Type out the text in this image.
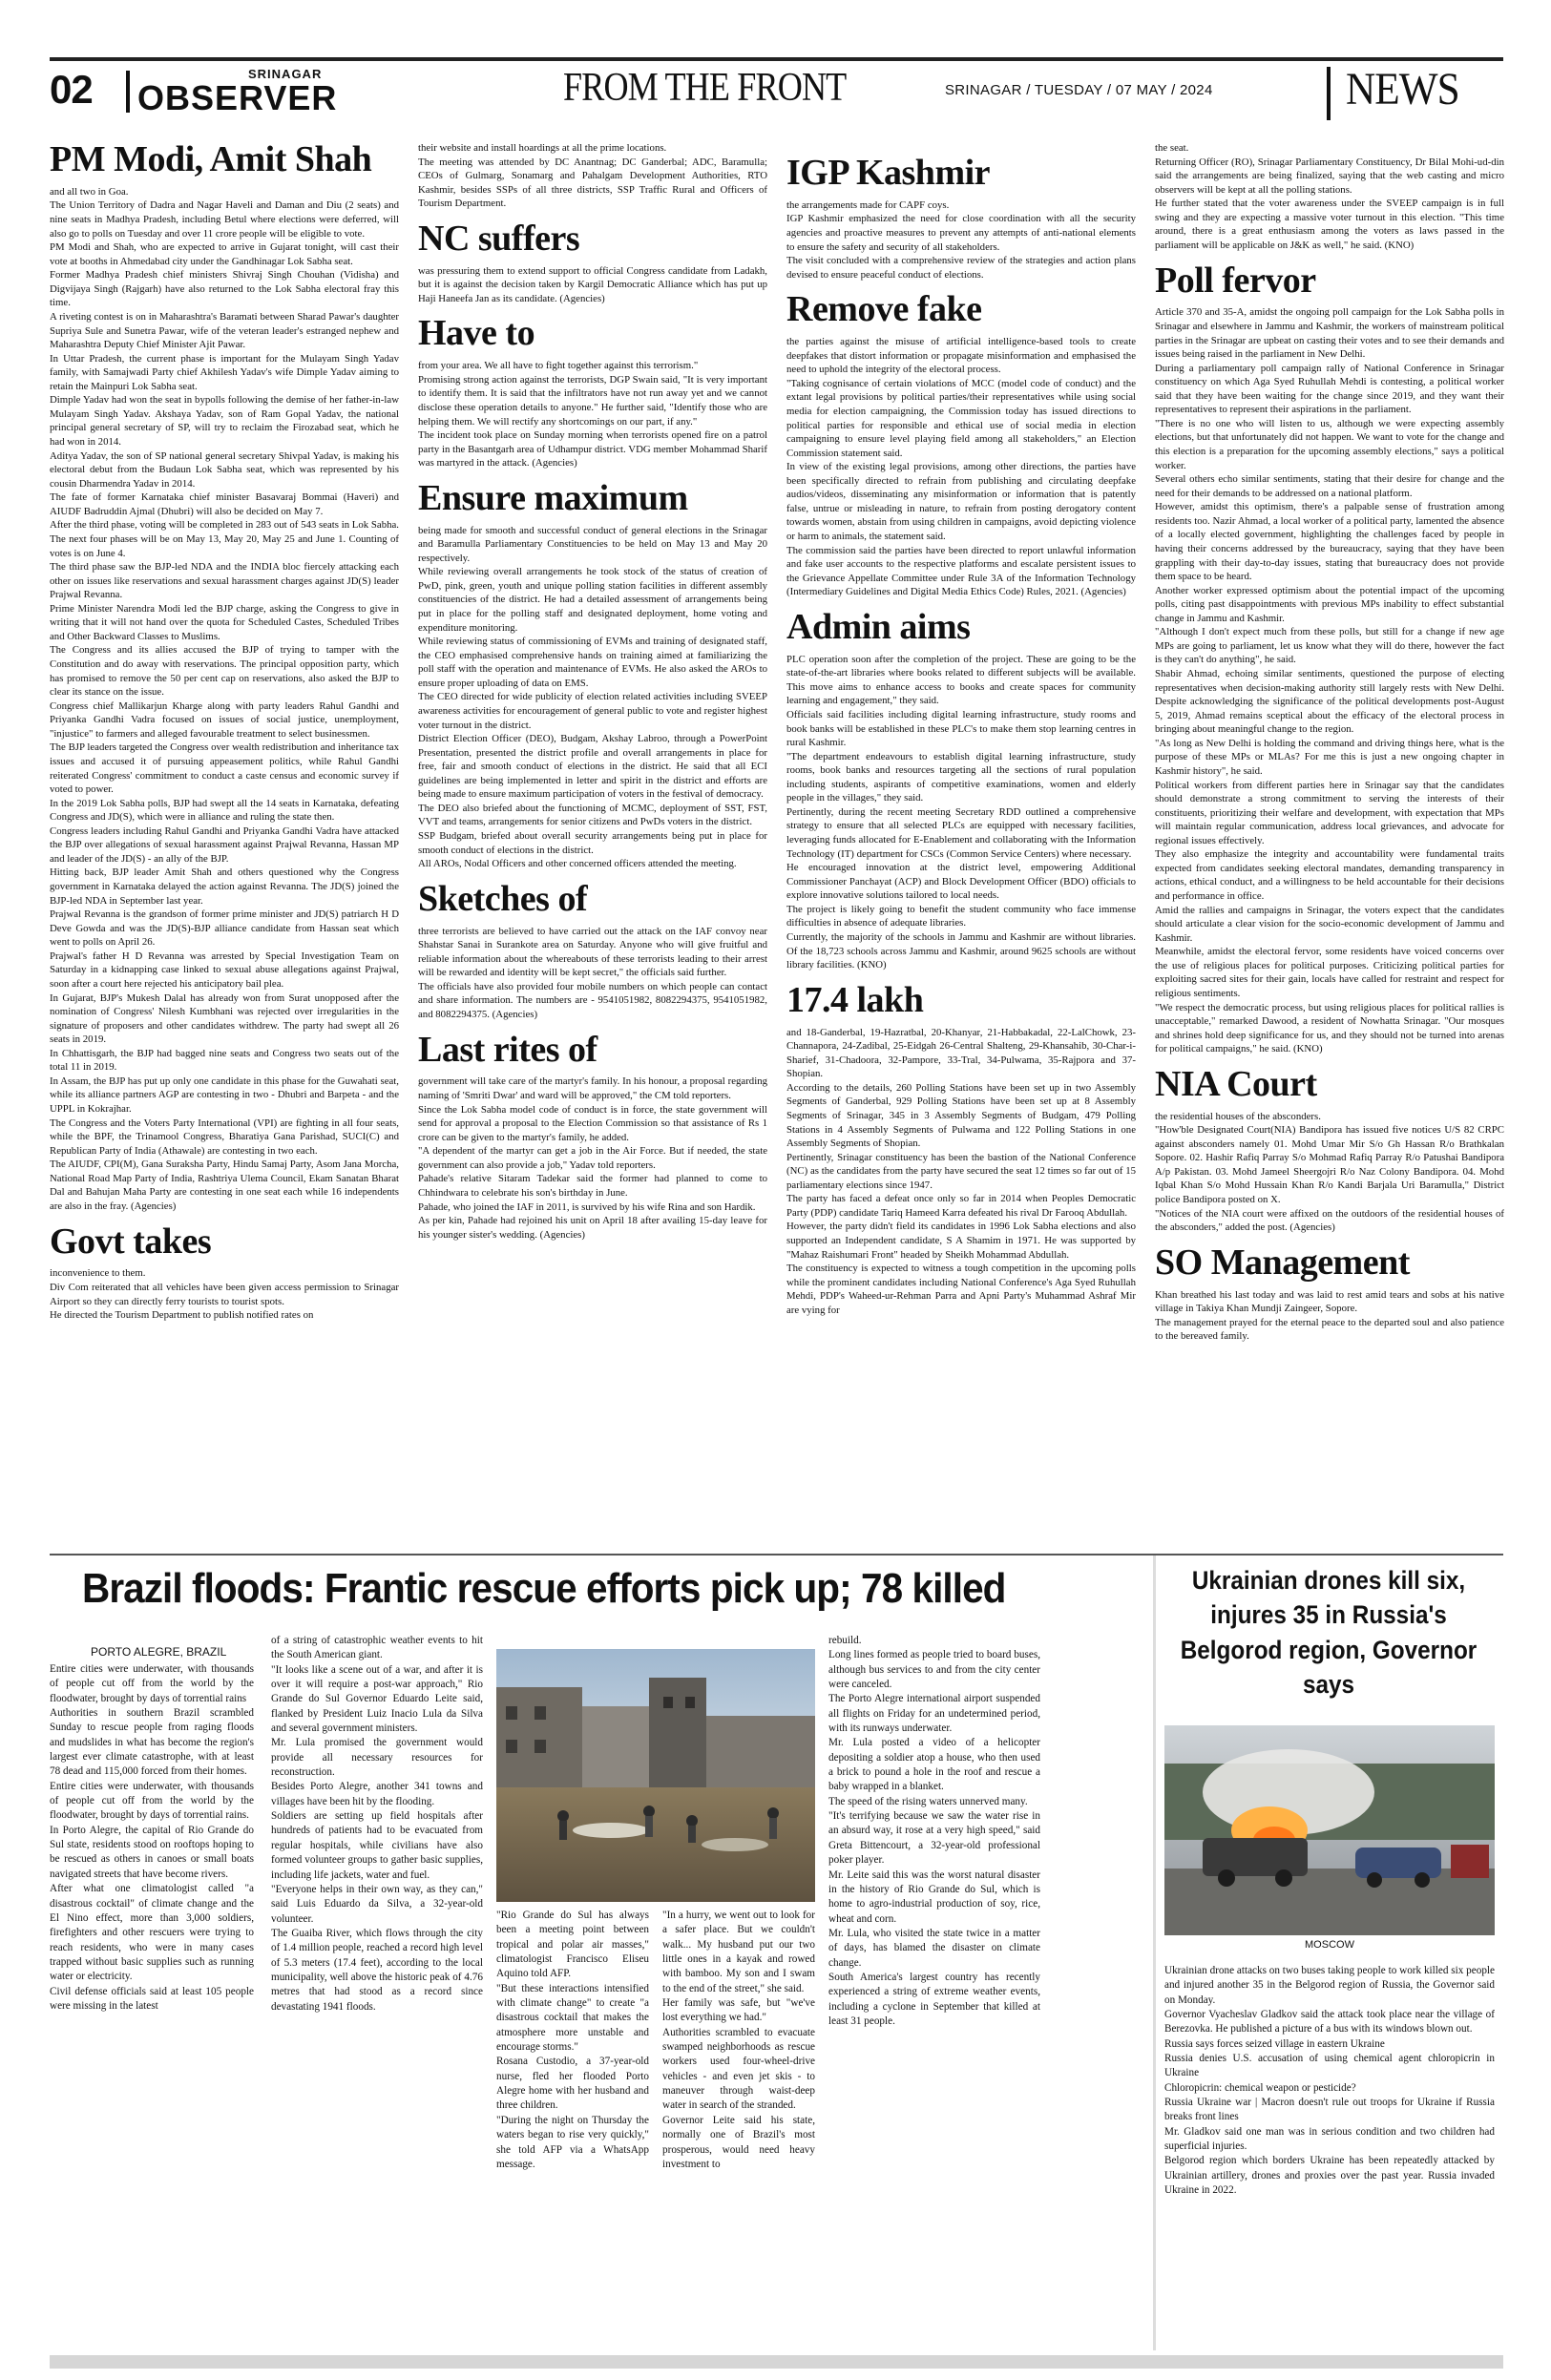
02	SRINAGAR
OBSERVER	FROM THE FRONT	SRINAGAR / TUESDAY / 07 MAY / 2024	NEWS
PM Modi, Amit Shah
and all two in Goa.
The Union Territory of Dadra and Nagar Haveli and Daman and Diu (2 seats) and nine seats in Madhya Pradesh, including Betul where elections were deferred, will also go to polls on Tuesday and over 11 crore people will be eligible to vote.
PM Modi and Shah, who are expected to arrive in Gujarat tonight, will cast their vote at booths in Ahmedabad city under the Gandhinagar Lok Sabha seat.
Former Madhya Pradesh chief ministers Shivraj Singh Chouhan (Vidisha) and Digvijaya Singh (Rajgarh) have also returned to the Lok Sabha electoral fray this time.
A riveting contest is on in Maharashtra's Baramati between Sharad Pawar's daughter Supriya Sule and Sunetra Pawar, wife of the veteran leader's estranged nephew and Maharashtra Deputy Chief Minister Ajit Pawar.
In Uttar Pradesh, the current phase is important for the Mulayam Singh Yadav family, with Samajwadi Party chief Akhilesh Yadav's wife Dimple Yadav aiming to retain the Mainpuri Lok Sabha seat.
Dimple Yadav had won the seat in bypolls following the demise of her father-in-law Mulayam Singh Yadav. Akshaya Yadav, son of Ram Gopal Yadav, the national principal general secretary of SP, will try to reclaim the Firozabad seat, which he had won in 2014.
Aditya Yadav, the son of SP national general secretary Shivpal Yadav, is making his electoral debut from the Budaun Lok Sabha seat, which was represented by his cousin Dharmendra Yadav in 2014.
The fate of former Karnataka chief minister Basavaraj Bommai (Haveri) and AIUDF Badruddin Ajmal (Dhubri) will also be decided on May 7.
After the third phase, voting will be completed in 283 out of 543 seats in Lok Sabha. The next four phases will be on May 13, May 20, May 25 and June 1. Counting of votes is on June 4.
The third phase saw the BJP-led NDA and the INDIA bloc fiercely attacking each other on issues like reservations and sexual harassment charges against JD(S) leader Prajwal Revanna.
Prime Minister Narendra Modi led the BJP charge, asking the Congress to give in writing that it will not hand over the quota for Scheduled Castes, Scheduled Tribes and Other Backward Classes to Muslims.
The Congress and its allies accused the BJP of trying to tamper with the Constitution and do away with reservations. The principal opposition party, which has promised to remove the 50 per cent cap on reservations, also asked the BJP to clear its stance on the issue.
Congress chief Mallikarjun Kharge along with party leaders Rahul Gandhi and Priyanka Gandhi Vadra focused on issues of social justice, unemployment, "injustice" to farmers and alleged favourable treatment to select businessmen.
The BJP leaders targeted the Congress over wealth redistribution and inheritance tax issues and accused it of pursuing appeasement politics, while Rahul Gandhi reiterated Congress' commitment to conduct a caste census and economic survey if voted to power.
In the 2019 Lok Sabha polls, BJP had swept all the 14 seats in Karnataka, defeating Congress and JD(S), which were in alliance and ruling the state then.
Congress leaders including Rahul Gandhi and Priyanka Gandhi Vadra have attacked the BJP over allegations of sexual harassment against Prajwal Revanna, Hassan MP and leader of the JD(S) - an ally of the BJP.
Hitting back, BJP leader Amit Shah and others questioned why the Congress government in Karnataka delayed the action against Revanna. The JD(S) joined the BJP-led NDA in September last year.
Prajwal Revanna is the grandson of former prime minister and JD(S) patriarch H D Deve Gowda and was the JD(S)-BJP alliance candidate from Hassan seat which went to polls on April 26.
Prajwal's father H D Revanna was arrested by Special Investigation Team on Saturday in a kidnapping case linked to sexual abuse allegations against Prajwal, soon after a court here rejected his anticipatory bail plea.
In Gujarat, BJP's Mukesh Dalal has already won from Surat unopposed after the nomination of Congress' Nilesh Kumbhani was rejected over irregularities in the signature of proposers and other candidates withdrew. The party had swept all 26 seats in 2019.
In Chhattisgarh, the BJP had bagged nine seats and Congress two seats out of the total 11 in 2019.
In Assam, the BJP has put up only one candidate in this phase for the Guwahati seat, while its alliance partners AGP are contesting in two - Dhubri and Barpeta - and the UPPL in Kokrajhar.
The Congress and the Voters Party International (VPI) are fighting in all four seats, while the BPF, the Trinamool Congress, Bharatiya Gana Parishad, SUCI(C) and Republican Party of India (Athawale) are contesting in two each.
The AIUDF, CPI(M), Gana Suraksha Party, Hindu Samaj Party, Asom Jana Morcha, National Road Map Party of India, Rashtriya Ulema Council, Ekam Sanatan Bharat Dal and Bahujan Maha Party are contesting in one seat each while 16 independents are also in the fray. (Agencies)
Govt takes
inconvenience to them.
Div Com reiterated that all vehicles have been given access permission to Srinagar Airport so they can directly ferry tourists to tourist spots.
He directed the Tourism Department to publish notified rates on
their website and install hoardings at all the prime locations.
The meeting was attended by DC Anantnag; DC Ganderbal; ADC, Baramulla; CEOs of Gulmarg, Sonamarg and Pahalgam Development Authorities, RTO Kashmir, besides SSPs of all three districts, SSP Traffic Rural and Officers of Tourism Department.
NC suffers
was pressuring them to extend support to official Congress candidate from Ladakh, but it is against the decision taken by Kargil Democratic Alliance which has put up Haji Haneefa Jan as its candidate. (Agencies)
Have to
from your area. We all have to fight together against this terrorism."
Promising strong action against the terrorists, DGP Swain said, "It is very important to identify them. It is said that the infiltrators have not run away yet and we cannot disclose these operation details to anyone." He further said, "Identify those who are helping them. We will rectify any shortcomings on our part, if any."
The incident took place on Sunday morning when terrorists opened fire on a patrol party in the Basantgarh area of Udhampur district. VDG member Mohammad Sharif was martyred in the attack. (Agencies)
Ensure maximum
being made for smooth and successful conduct of general elections in the Srinagar and Baramulla Parliamentary Constituencies to be held on May 13 and May 20 respectively.
While reviewing overall arrangements he took stock of the status of creation of PwD, pink, green, youth and unique polling station facilities in different assembly constituencies of the district. He had a detailed assessment of arrangements being put in place for the polling staff and designated deployment, home voting and expenditure monitoring.
While reviewing status of commissioning of EVMs and training of designated staff, the CEO emphasised comprehensive hands on training aimed at familiarizing the poll staff with the operation and maintenance of EVMs. He also asked the AROs to ensure proper uploading of data on EMS.
The CEO directed for wide publicity of election related activities including SVEEP awareness activities for encouragement of general public to vote and register highest voter turnout in the district.
District Election Officer (DEO), Budgam, Akshay Labroo, through a PowerPoint Presentation, presented the district profile and overall arrangements in place for free, fair and smooth conduct of elections in the district. He said that all ECI guidelines are being implemented in letter and spirit in the district and efforts are being made to ensure maximum participation of voters in the festival of democracy.
The DEO also briefed about the functioning of MCMC, deployment of SST, FST, VVT and teams, arrangements for senior citizens and PwDs voters in the district.
SSP Budgam, briefed about overall security arrangements being put in place for smooth conduct of elections in the district.
All AROs, Nodal Officers and other concerned officers attended the meeting.
Sketches of
three terrorists are believed to have carried out the attack on the IAF convoy near Shahstar Sanai in Surankote area on Saturday. Anyone who will give fruitful and reliable information about the whereabouts of these terrorists leading to their arrest will be rewarded and identity will be kept secret," the officials said further.
The officials have also provided four mobile numbers on which people can contact and share information. The numbers are - 9541051982, 8082294375, 9541051982, and 8082294375. (Agencies)
Last rites of
government will take care of the martyr's family. In his honour, a proposal regarding naming of 'Smriti Dwar' and ward will be approved," the CM told reporters.
Since the Lok Sabha model code of conduct is in force, the state government will send for approval a proposal to the Election Commission so that assistance of Rs 1 crore can be given to the martyr's family, he added.
"A dependent of the martyr can get a job in the Air Force. But if needed, the state government can also provide a job," Yadav told reporters.
Pahade's relative Sitaram Tadekar said the former had planned to come to Chhindwara to celebrate his son's birthday in June.
Pahade, who joined the IAF in 2011, is survived by his wife Rina and son Hardik.
As per kin, Pahade had rejoined his unit on April 18 after availing 15-day leave for his younger sister's wedding. (Agencies)
IGP Kashmir
the arrangements made for CAPF coys.
IGP Kashmir emphasized the need for close coordination with all the security agencies and proactive measures to prevent any attempts of anti-national elements to ensure the safety and security of all stakeholders.
The visit concluded with a comprehensive review of the strategies and action plans devised to ensure peaceful conduct of elections.
Remove fake
the parties against the misuse of artificial intelligence-based tools to create deepfakes that distort information or propagate misinformation and emphasised the need to uphold the integrity of the electoral process.
"Taking cognisance of certain violations of MCC (model code of conduct) and the extant legal provisions by political parties/their representatives while using social media for election campaigning, the Commission today has issued directions to political parties for responsible and ethical use of social media in election campaigning to ensure level playing field among all stakeholders," an Election Commission statement said.
In view of the existing legal provisions, among other directions, the parties have been specifically directed to refrain from publishing and circulating deepfake audios/videos, disseminating any misinformation or information that is patently false, untrue or misleading in nature, to refrain from posting derogatory content towards women, abstain from using children in campaigns, avoid depicting violence or harm to animals, the statement said.
The commission said the parties have been directed to report unlawful information and fake user accounts to the respective platforms and escalate persistent issues to the Grievance Appellate Committee under Rule 3A of the Information Technology (Intermediary Guidelines and Digital Media Ethics Code) Rules, 2021. (Agencies)
Admin aims
PLC operation soon after the completion of the project. These are going to be the state-of-the-art libraries where books related to different subjects will be available. This move aims to enhance access to books and create spaces for community learning and engagement," they said.
Officials said facilities including digital learning infrastructure, study rooms and book banks will be established in these PLC's to make them stop learning centres in rural Kashmir.
"The department endeavours to establish digital learning infrastructure, study rooms, book banks and resources targeting all the sections of rural population including students, aspirants of competitive examinations, women and elderly people in the villages," they said.
Pertinently, during the recent meeting Secretary RDD outlined a comprehensive strategy to ensure that all selected PLCs are equipped with necessary facilities, leveraging funds allocated for E-Enablement and collaborating with the Information Technology (IT) department for CSCs (Common Service Centers) where necessary.
He encouraged innovation at the district level, empowering Additional Commissioner Panchayat (ACP) and Block Development Officer (BDO) officials to explore innovative solutions tailored to local needs.
The project is likely going to benefit the student community who face immense difficulties in absence of adequate libraries.
Currently, the majority of the schools in Jammu and Kashmir are without libraries. Of the 18,723 schools across Jammu and Kashmir, around 9625 schools are without library facilities. (KNO)
17.4 lakh
and 18-Ganderbal, 19-Hazratbal, 20-Khanyar, 21-Habbakadal, 22-LalChowk, 23-Channapora, 24-Zadibal, 25-Eidgah 26-Central Shalteng, 29-Khansahib, 30-Char-i-Sharief, 31-Chadoora, 32-Pampore, 33-Tral, 34-Pulwama, 35-Rajpora and 37-Shopian.
According to the details, 260 Polling Stations have been set up in two Assembly Segments of Ganderbal, 929 Polling Stations have been set up at 8 Assembly Segments of Srinagar, 345 in 3 Assembly Segments of Budgam, 479 Polling Stations in 4 Assembly Segments of Pulwama and 122 Polling Stations in one Assembly Segments of Shopian.
Pertinently, Srinagar constituency has been the bastion of the National Conference (NC) as the candidates from the party have secured the seat 12 times so far out of 15 parliamentary elections since 1947.
The party has faced a defeat once only so far in 2014 when Peoples Democratic Party (PDP) candidate Tariq Hameed Karra defeated his rival Dr Farooq Abdullah.
However, the party didn't field its candidates in 1996 Lok Sabha elections and also supported an Independent candidate, S A Shamim in 1971. He was supported by "Mahaz Raishumari Front" headed by Sheikh Mohammad Abdullah.
The constituency is expected to witness a tough competition in the upcoming polls while the prominent candidates including National Conference's Aga Syed Ruhullah Mehdi, PDP's Waheed-ur-Rehman Parra and Apni Party's Muhammad Ashraf Mir are vying for
the seat.
Returning Officer (RO), Srinagar Parliamentary Constituency, Dr Bilal Mohi-ud-din said the arrangements are being finalized, saying that the web casting and micro observers will be kept at all the polling stations.
He further stated that the voter awareness under the SVEEP campaign is in full swing and they are expecting a massive voter turnout in this election. "This time around, there is a great enthusiasm among the voters as laws passed in the parliament will be applicable on J&K as well," he said. (KNO)
Poll fervor
Article 370 and 35-A, amidst the ongoing poll campaign for the Lok Sabha polls in Srinagar and elsewhere in Jammu and Kashmir, the workers of mainstream political parties in the Srinagar are upbeat on casting their votes and to see their demands and issues being raised in the parliament in New Delhi.
During a parliamentary poll campaign rally of National Conference in Srinagar constituency on which Aga Syed Ruhullah Mehdi is contesting, a political worker said that they have been waiting for the change since 2019, and they want their representatives to represent their aspirations in the parliament.
"There is no one who will listen to us, although we were expecting assembly elections, but that unfortunately did not happen. We want to vote for the change and this election is a preparation for the upcoming assembly elections," says a political worker.
Several others echo similar sentiments, stating that their desire for change and the need for their demands to be addressed on a national platform.
However, amidst this optimism, there's a palpable sense of frustration among residents too. Nazir Ahmad, a local worker of a political party, lamented the absence of a locally elected government, highlighting the challenges faced by people in having their concerns addressed by the bureaucracy, saying that they have been grappling with their day-to-day issues, stating that bureaucracy does not provide them space to be heard.
Another worker expressed optimism about the potential impact of the upcoming polls, citing past disappointments with previous MPs inability to effect substantial change in Jammu and Kashmir.
"Although I don't expect much from these polls, but still for a change if new age MPs are going to parliament, let us know what they will do there, however the fact is they can't do anything", he said.
Shabir Ahmad, echoing similar sentiments, questioned the purpose of electing representatives when decision-making authority still largely rests with New Delhi. Despite acknowledging the significance of the political developments post-August 5, 2019, Ahmad remains sceptical about the efficacy of the electoral process in bringing about meaningful change to the region.
"As long as New Delhi is holding the command and driving things here, what is the purpose of these MPs or MLAs? For me this is just a new ongoing chapter in Kashmir history", he said.
Political workers from different parties here in Srinagar say that the candidates should demonstrate a strong commitment to serving the interests of their constituents, prioritizing their welfare and development, with expectation that MPs will maintain regular communication, address local grievances, and advocate for regional issues effectively.
They also emphasize the integrity and accountability were fundamental traits expected from candidates seeking electoral mandates, demanding transparency in actions, ethical conduct, and a willingness to be held accountable for their decisions and performance in office.
Amid the rallies and campaigns in Srinagar, the voters expect that the candidates should articulate a clear vision for the socio-economic development of Jammu and Kashmir.
Meanwhile, amidst the electoral fervor, some residents have voiced concerns over the use of religious places for political purposes. Criticizing political parties for exploiting sacred sites for their gain, locals have called for restraint and respect for religious sentiments.
"We respect the democratic process, but using religious places for political rallies is unacceptable," remarked Dawood, a resident of Nowhatta Srinagar. "Our mosques and shrines hold deep significance for us, and they should not be turned into arenas for political campaigns," he said. (KNO)
NIA Court
the residential houses of the absconders.
"How'ble Designated Court(NIA) Bandipora has issued five notices U/S 82 CRPC against absconders namely 01. Mohd Umar Mir S/o Gh Hassan R/o Brathkalan Sopore. 02. Hashir Rafiq Parray S/o Mohmad Rafiq Parray R/o Patushai Bandipora A/p Pakistan. 03. Mohd Jameel Sheergojri R/o Naz Colony Bandipora. 04. Mohd Iqbal Khan S/o Mohd Hussain Khan R/o Kandi Barjala Uri Baramulla," District police Bandipora posted on X.
"Notices of the NIA court were affixed on the outdoors of the residential houses of the absconders," added the post. (Agencies)
SO Management
Khan breathed his last today and was laid to rest amid tears and sobs at his native village in Takiya Khan Mundji Zaingeer, Sopore.
The management prayed for the eternal peace to the departed soul and also patience to the bereaved family.
Brazil floods: Frantic rescue efforts pick up; 78 killed
PORTO ALEGRE, BRAZIL
Entire cities were underwater, with thousands of people cut off from the world by the floodwater, brought by days of torrential rains
Authorities in southern Brazil scrambled Sunday to rescue people from raging floods and mudslides in what has become the region's largest ever climate catastrophe, with at least 78 dead and 115,000 forced from their homes.
Entire cities were underwater, with thousands of people cut off from the world by the floodwater, brought by days of torrential rains.
In Porto Alegre, the capital of Rio Grande do Sul state, residents stood on rooftops hoping to be rescued as others in canoes or small boats navigated streets that have become rivers.
After what one climatologist called "a disastrous cocktail" of climate change and the El Nino effect, more than 3,000 soldiers, firefighters and other rescuers were trying to reach residents, who were in many cases trapped without basic supplies such as running water or electricity.
Civil defense officials said at least 105 people were missing in the latest
of a string of catastrophic weather events to hit the South American giant.
"It looks like a scene out of a war, and after it is over it will require a post-war approach," Rio Grande do Sul Governor Eduardo Leite said, flanked by President Luiz Inacio Lula da Silva and several government ministers.
Mr. Lula promised the government would provide all necessary resources for reconstruction.
Besides Porto Alegre, another 341 towns and villages have been hit by the flooding.
Soldiers are setting up field hospitals after hundreds of patients had to be evacuated from regular hospitals, while civilians have also formed volunteer groups to gather basic supplies, including life jackets, water and fuel.
"Everyone helps in their own way, as they can," said Luis Eduardo da Silva, a 32-year-old volunteer.
The Guaiba River, which flows through the city of 1.4 million people, reached a record high level of 5.3 meters (17.4 feet), according to the local municipality, well above the historic peak of 4.76 metres that had stood as a record since devastating 1941 floods.
"Rio Grande do Sul has always been a meeting point between tropical and polar air masses," climatologist Francisco Eliseu Aquino told AFP.
"But these interactions intensified with climate change" to create "a disastrous cocktail that makes the atmosphere more unstable and encourage storms."
Rosana Custodio, a 37-year-old nurse, fled her flooded Porto Alegre home with her husband and three children.
"During the night on Thursday the waters began to rise very quickly," she told AFP via a WhatsApp message.
"In a hurry, we went out to look for a safer place. But we couldn't walk... My husband put our two little ones in a kayak and rowed with bamboo. My son and I swam to the end of the street," she said.
Her family was safe, but "we've lost everything we had."
Authorities scrambled to evacuate swamped neighborhoods as rescue workers used four-wheel-drive vehicles - and even jet skis - to maneuver through waist-deep water in search of the stranded.
Governor Leite said his state, normally one of Brazil's most prosperous, would need heavy investment to
rebuild.
Long lines formed as people tried to board buses, although bus services to and from the city center were canceled.
The Porto Alegre international airport suspended all flights on Friday for an undetermined period, with its runways underwater.
Mr. Lula posted a video of a helicopter depositing a soldier atop a house, who then used a brick to pound a hole in the roof and rescue a baby wrapped in a blanket.
The speed of the rising waters unnerved many.
"It's terrifying because we saw the water rise in an absurd way, it rose at a very high speed," said Greta Bittencourt, a 32-year-old professional poker player.
Mr. Leite said this was the worst natural disaster in the history of Rio Grande do Sul, which is home to agro-industrial production of soy, rice, wheat and corn.
Mr. Lula, who visited the state twice in a matter of days, has blamed the disaster on climate change.
South America's largest country has recently experienced a string of extreme weather events, including a cyclone in September that killed at least 31 people.
Ukrainian drones kill six, injures 35 in Russia's Belgorod region, Governor says
MOSCOW
Ukrainian drone attacks on two buses taking people to work killed six people and injured another 35 in the Belgorod region of Russia, the Governor said on Monday.
Governor Vyacheslav Gladkov said the attack took place near the village of Berezovka. He published a picture of a bus with its windows blown out.
Russia says forces seized village in eastern Ukraine
Russia denies U.S. accusation of using chemical agent chloropicrin in Ukraine
Chloropicrin: chemical weapon or pesticide?
Russia Ukraine war | Macron doesn't rule out troops for Ukraine if Russia breaks front lines
Mr. Gladkov said one man was in serious condition and two children had superficial injuries.
Belgorod region which borders Ukraine has been repeatedly attacked by Ukrainian artillery, drones and proxies over the past year. Russia invaded Ukraine in 2022.
